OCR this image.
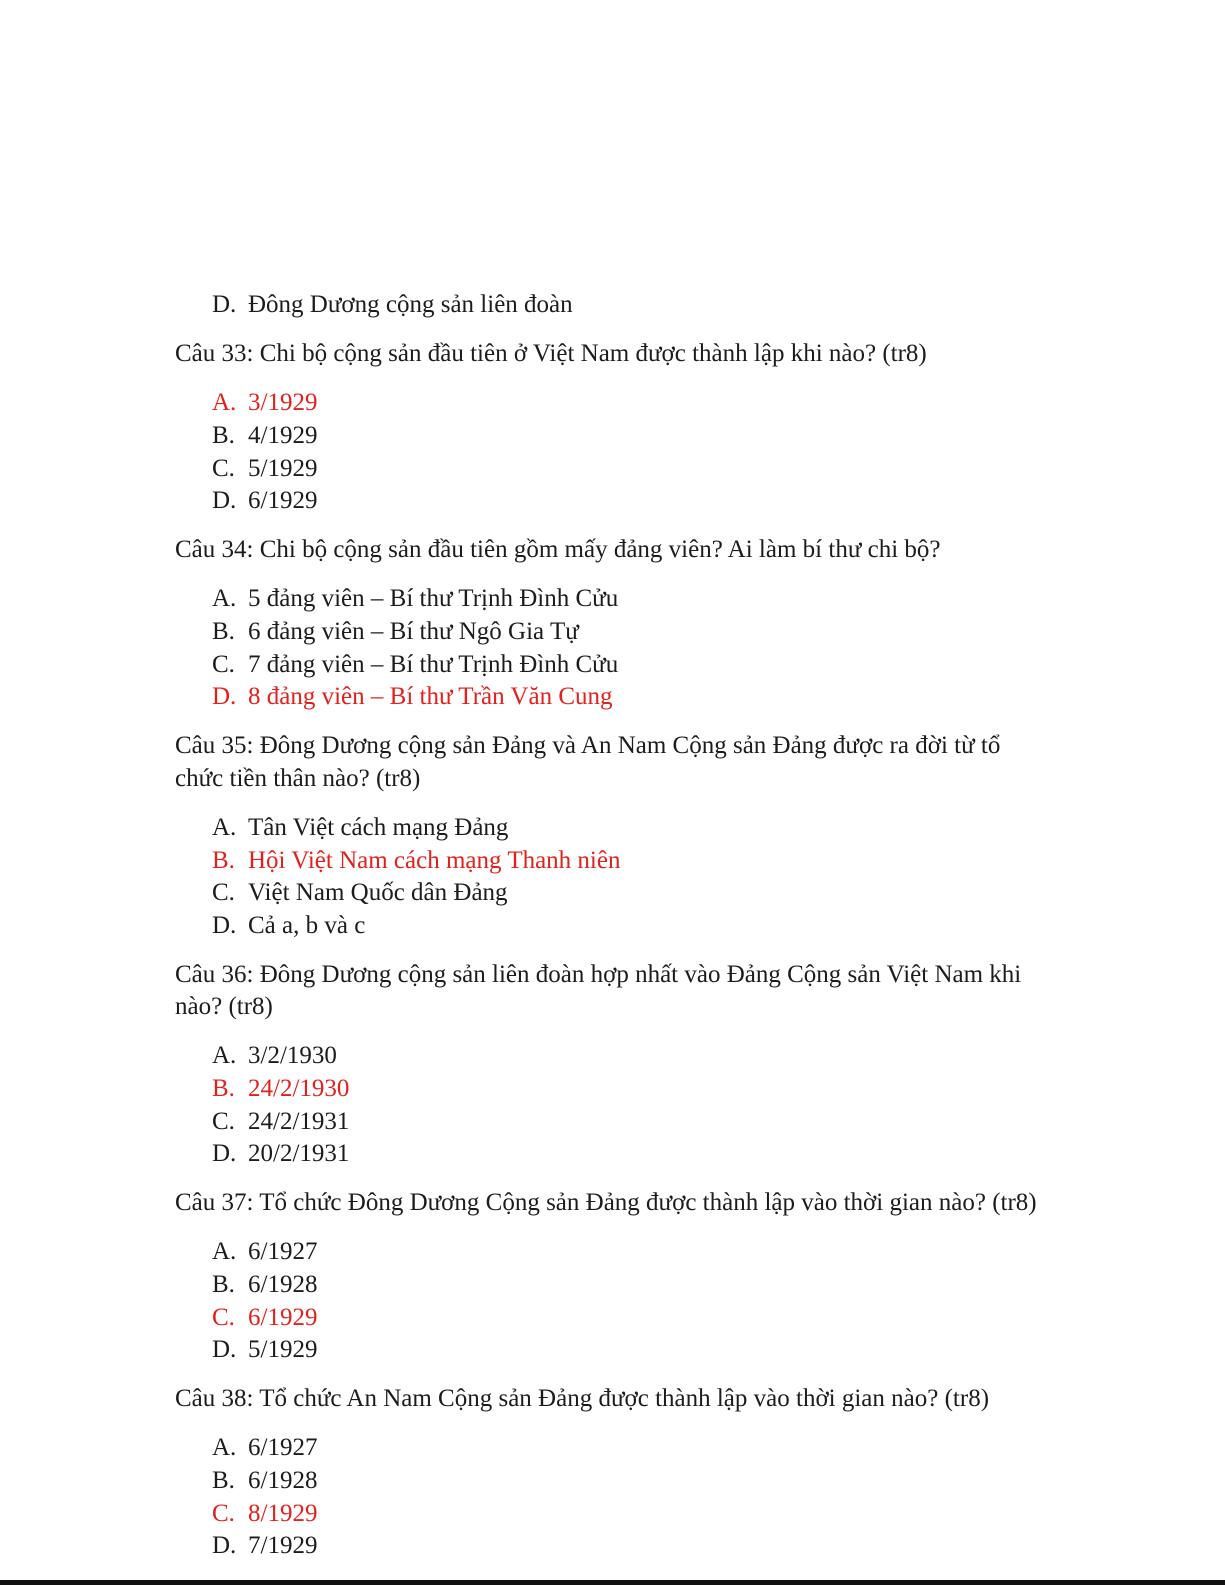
D. Đông Dương cộng sản liên đoàn
Câu 33: Chi bộ cộng sản đầu tiên ở Việt Nam được thành lập khi nào? (tr8)
A. 3/1929
B. 4/1929
C. 5/1929
D. 6/1929
Câu 34: Chi bộ cộng sản đầu tiên gồm mấy đảng viên? Ai làm bí thư chi bộ?
A. 5 đảng viên – Bí thư Trịnh Đình Cửu
B. 6 đảng viên – Bí thư Ngô Gia Tự
C. 7 đảng viên – Bí thư Trịnh Đình Cửu
D. 8 đảng viên – Bí thư Trần Văn Cung
Câu 35: Đông Dương cộng sản Đảng và An Nam Cộng sản Đảng được ra đời từ tổ
chức tiền thân nào? (tr8)
A. Tân Việt cách mạng Đảng
B. Hội Việt Nam cách mạng Thanh niên
C. Việt Nam Quốc dân Đảng
D. Cả a, b và c
Câu 36: Đông Dương cộng sản liên đoàn hợp nhất vào Đảng Cộng sản Việt Nam khi
nào? (tr8)
A. 3/2/1930
B. 24/2/1930
C. 24/2/1931
D. 20/2/1931
Câu 37: Tổ chức Đông Dương Cộng sản Đảng được thành lập vào thời gian nào? (tr8)
A. 6/1927
B. 6/1928
C. 6/1929
D. 5/1929
Câu 38: Tổ chức An Nam Cộng sản Đảng được thành lập vào thời gian nào? (tr8)
A. 6/1927
B. 6/1928
C. 8/1929
D. 7/1929
